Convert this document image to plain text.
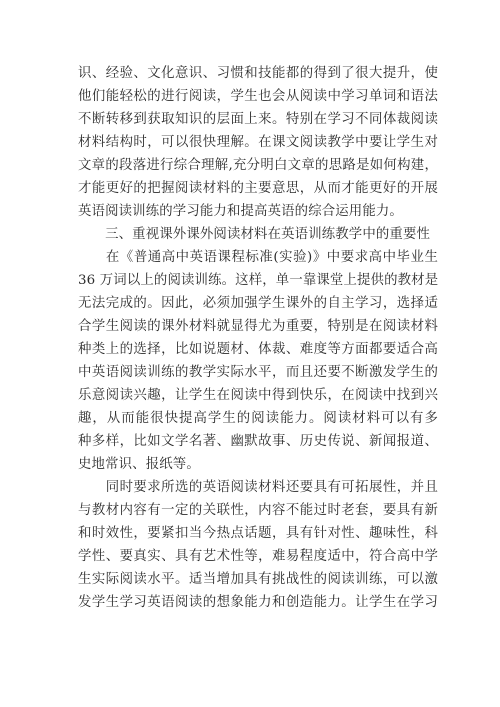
识、经验、文化意识、习惯和技能都的得到了很大提升，使
他们能轻松的进行阅读，学生也会从阅读中学习单词和语法
不断转移到获取知识的层面上来。特别在学习不同体裁阅读
材料结构时，可以很快理解。在课文阅读教学中要让学生对
文章的段落进行综合理解,充分明白文章的思路是如何构建，
才能更好的把握阅读材料的主要意思，从而才能更好的开展
英语阅读训练的学习能力和提高英语的综合运用能力。
　　三、重视课外课外阅读材料在英语训练教学中的重要性
　　在《普通高中英语课程标准(实验)》中要求高中毕业生
36 万词以上的阅读训练。这样，单一靠课堂上提供的教材是
无法完成的。因此，必须加强学生课外的自主学习，选择适
合学生阅读的课外材料就显得尤为重要，特别是在阅读材料
种类上的选择，比如说题材、体裁、难度等方面都要适合高
中英语阅读训练的教学实际水平，而且还要不断激发学生的
乐意阅读兴趣，让学生在阅读中得到快乐，在阅读中找到兴
趣，从而能很快提高学生的阅读能力。阅读材料可以有多
种多样，比如文学名著、幽默故事、历史传说、新闻报道、
史地常识、报纸等。
　　同时要求所选的英语阅读材料还要具有可拓展性，并且
与教材内容有一定的关联性，内容不能过时老套，要具有新
和时效性，要紧扣当今热点话题，具有针对性、趣味性，科
学性、要真实、具有艺术性等，难易程度适中，符合高中学
生实际阅读水平。适当增加具有挑战性的阅读训练，可以激
发学生学习英语阅读的想象能力和创造能力。让学生在学习
